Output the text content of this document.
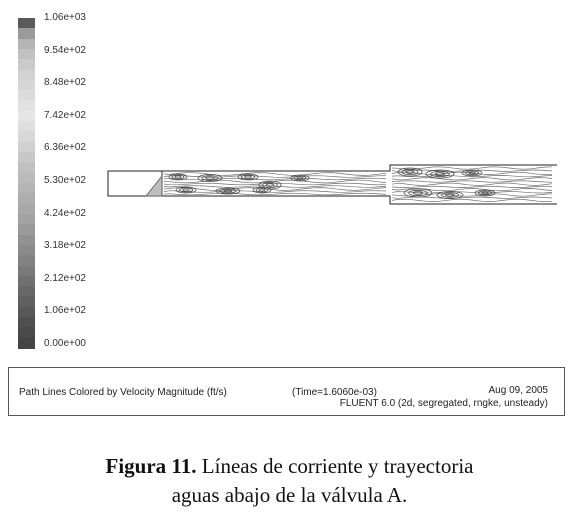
1.06e+03
9.54e+02
8.48e+02
7.42e+02
6.36e+02
5.30e+02
4.24e+02
3.18e+02
2.12e+02
1.06e+02
0.00e+00
Path Lines Colored by Velocity Magnitude (ft/s)	(Time=1.6060e-03)	Aug 09, 2005
FLUENT 6.0 (2d, segregated, rngke, unsteady)
Figura 11. Líneas de corriente y trayectoria
aguas abajo de la válvula A.
